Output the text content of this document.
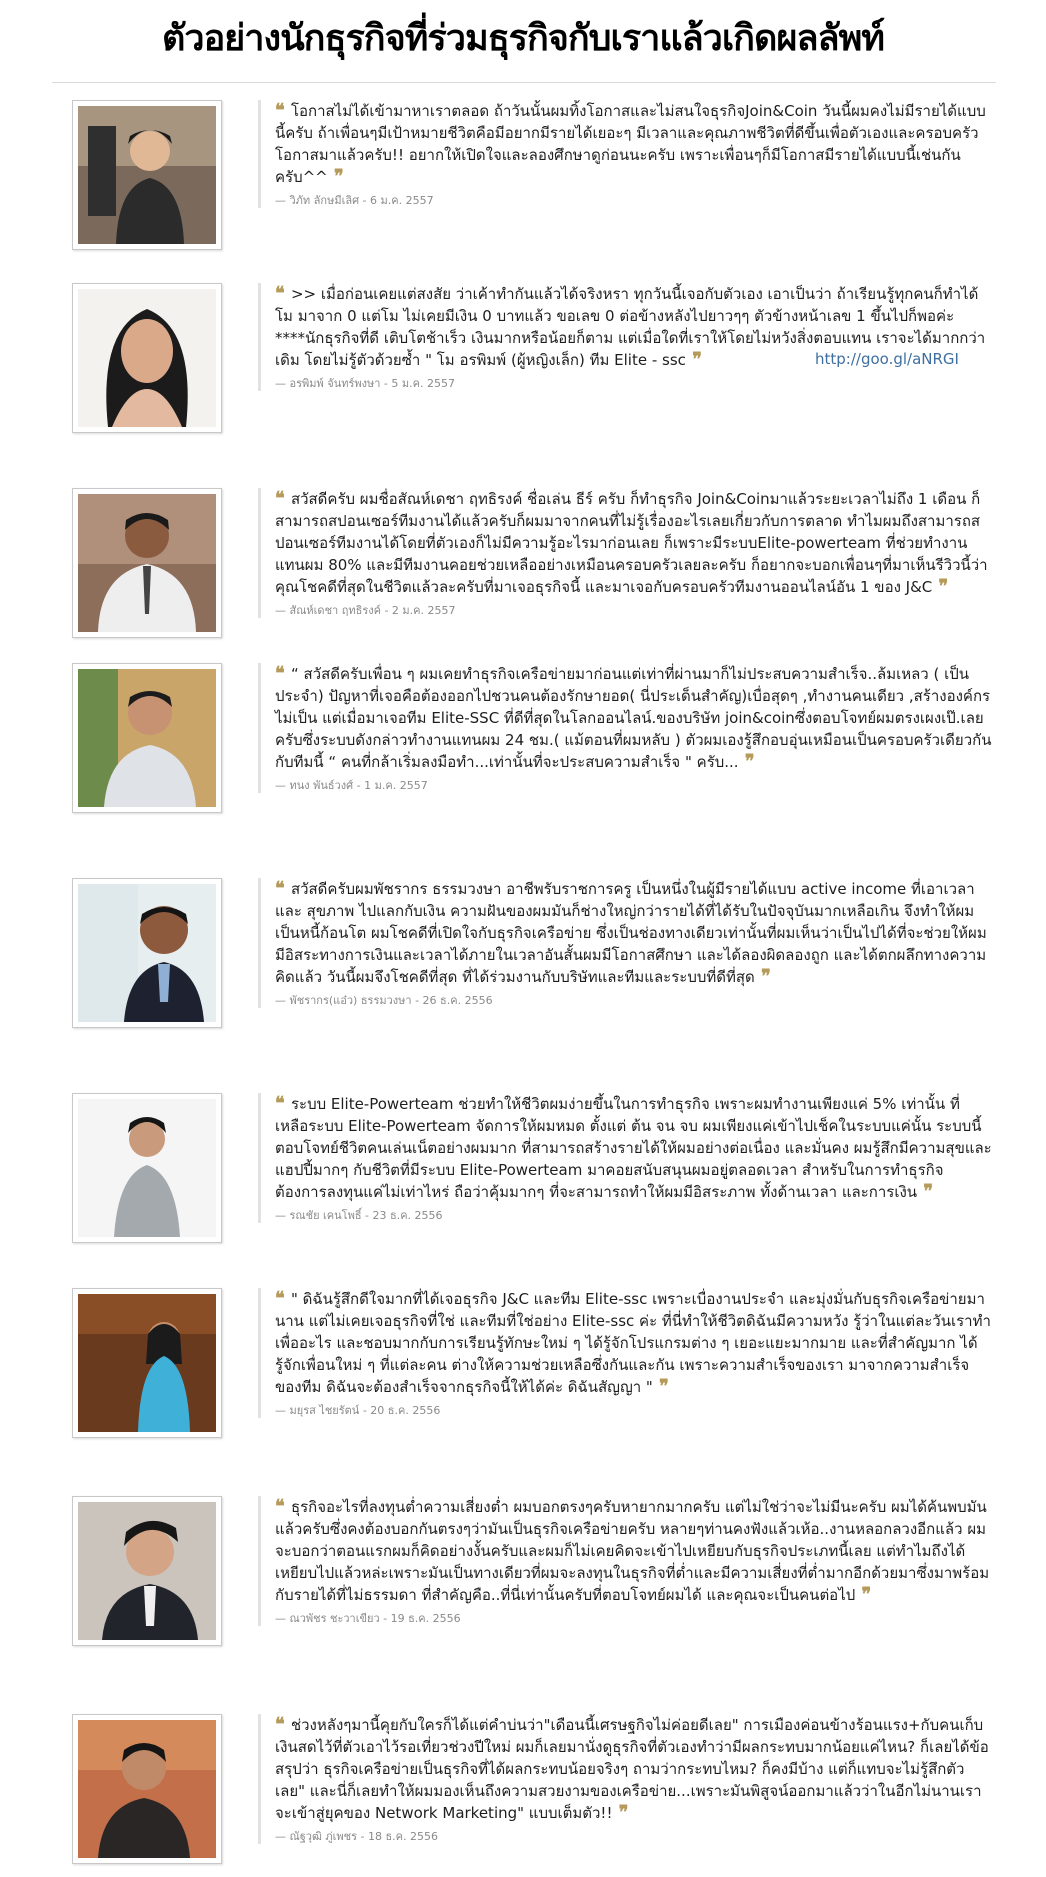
ตัวอย่างนักธุรกิจที่ร่วมธุรกิจกับเราแล้วเกิดผลลัพท์

❝ โอกาสไม่ได้เข้ามาหาเราตลอด ถ้าวันนั้นผมทิ้งโอกาสและไม่สนใจธุรกิจJoin&Coin วันนี้ผมคงไม่มีรายได้แบบนี้ครับ ถ้าเพื่อนๆมีเป้าหมายชีวิตคือมีอยากมีรายได้เยอะๆ มีเวลาและคุณภาพชีวิตที่ดีขึ้นเพื่อตัวเองและครอบครัว โอกาสมาแล้วครับ!! อยากให้เปิดใจและลองศึกษาดูก่อนนะครับ เพราะเพื่อนๆก็มีโอกาสมีรายได้แบบนี้เช่นกันครับ^^ ❞

— วิภัท ลักษมีเลิศ - 6 ม.ค. 2557

❝ >> เมื่อก่อนเคยแต่สงสัย ว่าเค้าทำกันแล้วได้จริงหรา ทุกวันนี้เจอกับตัวเอง เอาเป็นว่า ถ้าเรียนรู้ทุกคนก็ทำได้ โม มาจาก 0 แต่โม ไม่เคยมีเงิน 0 บาทแล้ว ขอเลข 0 ต่อข้างหลังไปยาวๆๆ ตัวข้างหน้าเลข 1 ขึ้นไปก็พอค่ะ ****นักธุรกิจที่ดี เติบโตช้าเร็ว เงินมากหรือน้อยก็ตาม แต่เมื่อใดที่เราให้โดยไม่หวังสิ่งตอบแทน เราจะได้มากกว่าเดิม โดยไม่รู้ตัวด้วยซ้ำ " โม อรพิมพ์ (ผู้หญิงเล็ก) ทีม Elite - ssc ❞

— อรพิมพ์ จันทร์พงษา - 5 ม.ค. 2557
http://goo.gl/aNRGI

❝ สวัสดีครับ ผมชื่อสัณห์เดชา ฤทธิรงค์ ชื่อเล่น ธีร์ ครับ ก็ทำธุรกิจ Join&Coinมาแล้วระยะเวลาไม่ถึง 1 เดือน ก็สามารถสปอนเซอร์ทีมงานได้แล้วครับก็ผมมาจากคนที่ไม่รู้เรื่องอะไรเลยเกี่ยวกับการตลาด ทำไมผมถึงสามารถสปอนเซอร์ทีมงานได้โดยที่ตัวเองก็ไม่มีความรู้อะไรมาก่อนเลย ก็เพราะมีระบบElite-powerteam ที่ช่วยทำงานแทนผม 80% และมีทีมงานคอยช่วยเหลืออย่างเหมือนครอบครัวเลยละครับ ก็อยากจะบอกเพื่อนๆที่มาเห็นรีวิวนี้ว่า คุณโชคดีที่สุดในชีวิตแล้วละครับที่มาเจอธุรกิจนี้ และมาเจอกับครอบครัวทีมงานออนไลน์อัน 1 ของ J&C ❞

— สัณห์เดชา ฤทธิรงค์ - 2 ม.ค. 2557

❝ “ สวัสดีครับเพื่อน ๆ ผมเคยทำธุรกิจเครือข่ายมาก่อนแต่เท่าที่ผ่านมาก็ไม่ประสบความสำเร็จ..ล้มเหลว ( เป็นประจำ) ปัญหาที่เจอคือต้องออกไปชวนคนต้องรักษายอด( นี่ประเด็นสำคัญ)เบื่อสุดๆ ,ทำงานคนเดียว ,สร้างองค์กรไม่เป็น แต่เมื่อมาเจอทีม Elite-SSC ที่ดีที่สุดในโลกออนไลน์.ของบริษัท join&coinซึ่งตอบโจทย์ผมตรงเผงเป๊.เลยครับซึ่งระบบดังกล่าวทำงานแทนผม 24 ชม.( แม้ตอนที่ผมหลับ ) ตัวผมเองรู้สึกอบอุ่นเหมือนเป็นครอบครัวเดียวกันกับทีมนี้ “ คนที่กล้าเริ่มลงมือทำ...เท่านั้นที่จะประสบความสำเร็จ " ครับ... ❞

— ทนง พันธ์วงศ์ - 1 ม.ค. 2557

❝ สวัสดีครับผมพัชรากร ธรรมวงษา อาชีพรับราชการครู เป็นหนึ่งในผู้มีรายได้แบบ active income ที่เอาเวลาและ สุขภาพ ไปแลกกับเงิน ความฝันของผมมันก็ช่างใหญ่กว่ารายได้ที่ได้รับในปัจจุบันมากเหลือเกิน จึงทำให้ผมเป็นหนี้ก้อนโต ผมโชคดีที่เปิดใจกับธุรกิจเครือข่าย ซึ่งเป็นช่องทางเดียวเท่านั้นที่ผมเห็นว่าเป็นไปได้ที่จะช่วยให้ผมมีอิสระทางการเงินและเวลาได้ภายในเวลาอันสั้นผมมีโอกาสศึกษา และได้ลองผิดลองถูก และได้ตกผลึกทางความคิดแล้ว วันนี้ผมจึงโชคดีที่สุด ที่ได้ร่วมงานกับบริษัทและทีมและระบบที่ดีที่สุด ❞

— พัชรากร(แอ๋ว) ธรรมวงษา - 26 ธ.ค. 2556

❝ ระบบ Elite-Powerteam ช่วยทำให้ชีวิตผมง่ายขึ้นในการทำธุรกิจ เพราะผมทำงานเพียงแค่ 5% เท่านั้น ที่เหลือระบบ Elite-Powerteam จัดการให้ผมหมด ตั้งแต่ ต้น จน จบ ผมเพียงแค่เข้าไปเช็คในระบบแค่นั้น ระบบนี้ตอบโจทย์ชีวิตคนเล่นเน็ตอย่างผมมาก ที่สามารถสร้างรายได้ให้ผมอย่างต่อเนื่อง และมั่นคง ผมรู้สึกมีความสุขและแฮปปี้มากๆ กับชีวิตที่มีระบบ Elite-Powerteam มาคอยสนับสนุนผมอยู่ตลอดเวลา สำหรับในการทำธุรกิจ ต้องการลงทุนแค่ไม่เท่าไหร่ ถือว่าคุ้มมากๆ ที่จะสามารถทำให้ผมมีอิสระภาพ ทั้งด้านเวลา และการเงิน ❞

— รณชัย เคนโพธิ์ - 23 ธ.ค. 2556

❝ " ดิฉันรู้สึกดีใจมากที่ได้เจอธุรกิจ J&C และทีม Elite-ssc เพราะเบื่องานประจำ และมุ่งมั่นกับธุรกิจเครือข่ายมานาน แต่ไม่เคยเจอธุรกิจที่ใช่ และทีมที่ใช่อย่าง Elite-ssc ค่ะ ที่นี่ทำให้ชีวิตดิฉันมีความหวัง รู้ว่าในแต่ละวันเราทำเพื่ออะไร และชอบมากกับการเรียนรู้ทักษะใหม่ ๆ ได้รู้จักโปรแกรมต่าง ๆ เยอะแยะมากมาย และที่สำคัญมาก ได้รู้จักเพื่อนใหม่ ๆ ที่แต่ละคน ต่างให้ความช่วยเหลือซึ่งกันและกัน เพราะความสำเร็จของเรา มาจากความสำเร็จของทีม ดิฉันจะต้องสำเร็จจากธุรกิจนี้ให้ได้ค่ะ ดิฉันสัญญา " ❞

— มยุรส ไชยรัตน์ - 20 ธ.ค. 2556

❝ ธุรกิจอะไรที่ลงทุนต่ำความเสี่ยงต่ำ ผมบอกตรงๆครับหายากมากครับ แต่ไม่ใช่ว่าจะไม่มีนะครับ ผมได้ค้นพบมันแล้วครับซึ่งคงต้องบอกกันตรงๆว่ามันเป็นธุรกิจเครือข่ายครับ หลายๆท่านคงฟังแล้วเห้อ..งานหลอกลวงอีกแล้ว ผมจะบอกว่าตอนแรกผมก็คิดอย่างงั้นครับและผมก็ไม่เคยคิดจะเข้าไปเหยียบกับธุรกิจประเภทนี้เลย แต่ทำไมถึงได้เหยียบไปแล้วหล่ะเพราะมันเป็นทางเดียวที่ผมจะลงทุนในธุรกิจที่ต่ำและมีความเสี่ยงที่ต่ำมากอีกด้วยมาซึ่งมาพร้อมกับรายได้ที่ไม่ธรรมดา ที่สำคัญคือ..ที่นี่เท่านั้นครับที่ตอบโจทย์ผมได้ และคุณจะเป็นคนต่อไป ❞

— ณวพัชร ชะวาเขียว - 19 ธ.ค. 2556

❝ ช่วงหลังๆมานี้คุยกับใครก็ได้แต่คำบ่นว่า"เดือนนี้เศรษฐกิจไม่ค่อยดีเลย" การเมืองค่อนข้างร้อนแรง+กับคนเก็บเงินสดไว้ที่ตัวเอาไว้รอเที่ยวช่วงปีใหม่ ผมก็เลยมานั่งดูธุรกิจที่ตัวเองทำว่ามีผลกระทบมากน้อยแค่ไหน? ก็เลยได้ข้อสรุปว่า ธุรกิจเครือข่ายเป็นธุรกิจที่ได้ผลกระทบน้อยจริงๆ ถามว่ากระทบไหม? ก็คงมีบ้าง แต่ก็แทบจะไม่รู้สึกตัวเลย" และนี่ก็เลยทำให้ผมมองเห็นถึงความสวยงามของเครือข่าย...เพราะมันพิสูจน์ออกมาแล้วว่าในอีกไม่นานเราจะเข้าสู่ยุคของ Network Marketing" แบบเต็มตัว!! ❞

— ณัฐวุฒิ ภู่เพชร - 18 ธ.ค. 2556
